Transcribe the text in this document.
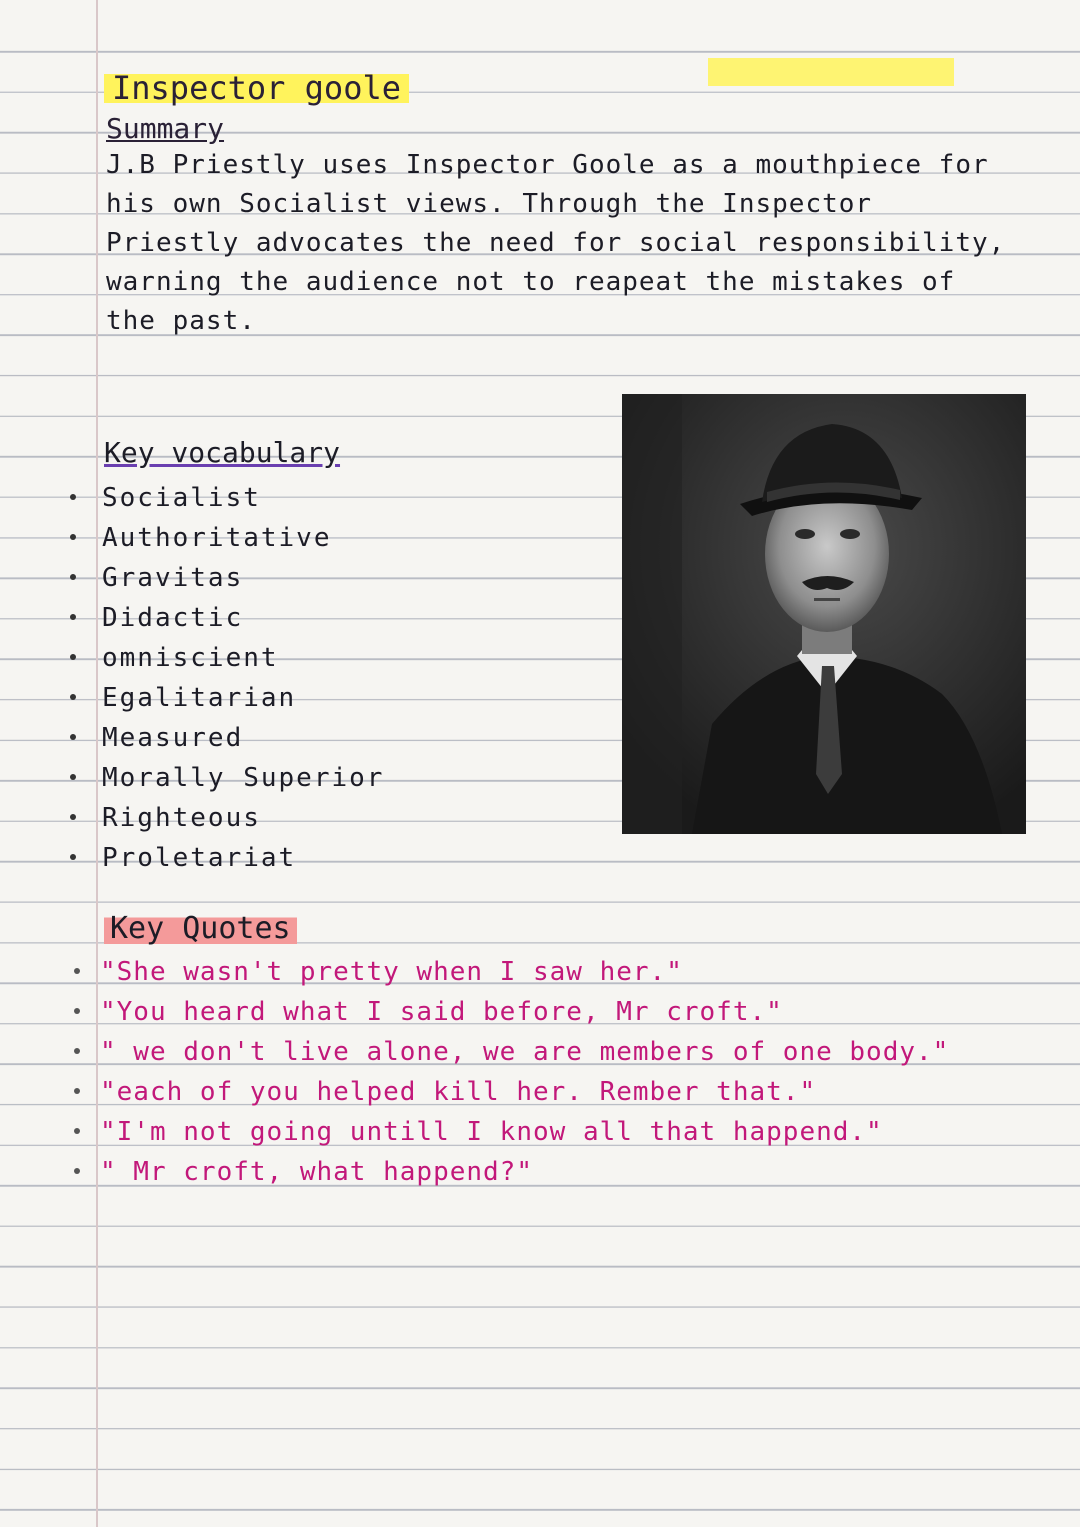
Inspector goole
Summary
J.B Priestly uses Inspector Goole as a mouthpiece for his own Socialist views. Through the Inspector Priestly advocates the need for social responsibility, warning the audience not to reapeat the mistakes of the past.
Key vocabulary
Socialist
Authoritative
Gravitas
Didactic
omniscient
Egalitarian
Measured
Morally Superior
Righteous
Proletariat
Key Quotes
"She wasn't pretty when I saw her."
"You heard what I said before, Mr croft."
" we don't live alone, we are members of one body."
"each of you helped kill her. Rember that."
"I'm not going untill I know all that happend."
" Mr croft, what happend?"
